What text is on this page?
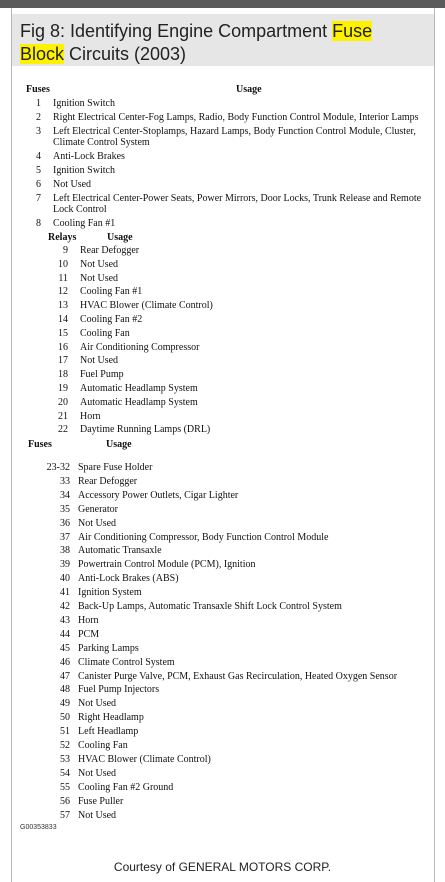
Fig 8: Identifying Engine Compartment Fuse
Block Circuits (2003)
Fuses	Usage
1 Ignition Switch
2 Right Electrical Center-Fog Lamps, Radio, Body Function Control Module, Interior Lamps
3 Left Electrical Center-Stoplamps, Hazard Lamps, Body Function Control Module, Cluster,
Climate Control System
4 Anti-Lock Brakes
5 Ignition Switch
6 Not Used
7 Left Electrical Center-Power Seats, Power Mirrors, Door Locks, Trunk Release and Remote
Lock Control
8 Cooling Fan #1
Relays	Usage
9 Rear Defogger
10 Not Used
11 Not Used
12 Cooling Fan #1
13 HVAC Blower (Climate Control)
14 Cooling Fan #2
15 Cooling Fan
16 Air Conditioning Compressor
17 Not Used
18 Fuel Pump
19 Automatic Headlamp System
20 Automatic Headlamp System
21 Horn
22 Daytime Running Lamps (DRL)
Fuses	Usage
23-32 Spare Fuse Holder
33 Rear Defogger
34 Accessory Power Outlets, Cigar Lighter
35 Generator
36 Not Used
37 Air Conditioning Compressor, Body Function Control Module
38 Automatic Transaxle
39 Powertrain Control Module (PCM), Ignition
40 Anti-Lock Brakes (ABS)
41 Ignition System
42 Back-Up Lamps, Automatic Transaxle Shift Lock Control System
43 Horn
44 PCM
45 Parking Lamps
46 Climate Control System
47 Canister Purge Valve, PCM, Exhaust Gas Recirculation, Heated Oxygen Sensor
48 Fuel Pump Injectors
49 Not Used
50 Right Headlamp
51 Left Headlamp
52 Cooling Fan
53 HVAC Blower (Climate Control)
54 Not Used
55 Cooling Fan #2 Ground
56 Fuse Puller
57 Not Used
G00353833
Courtesy of GENERAL MOTORS CORP.
